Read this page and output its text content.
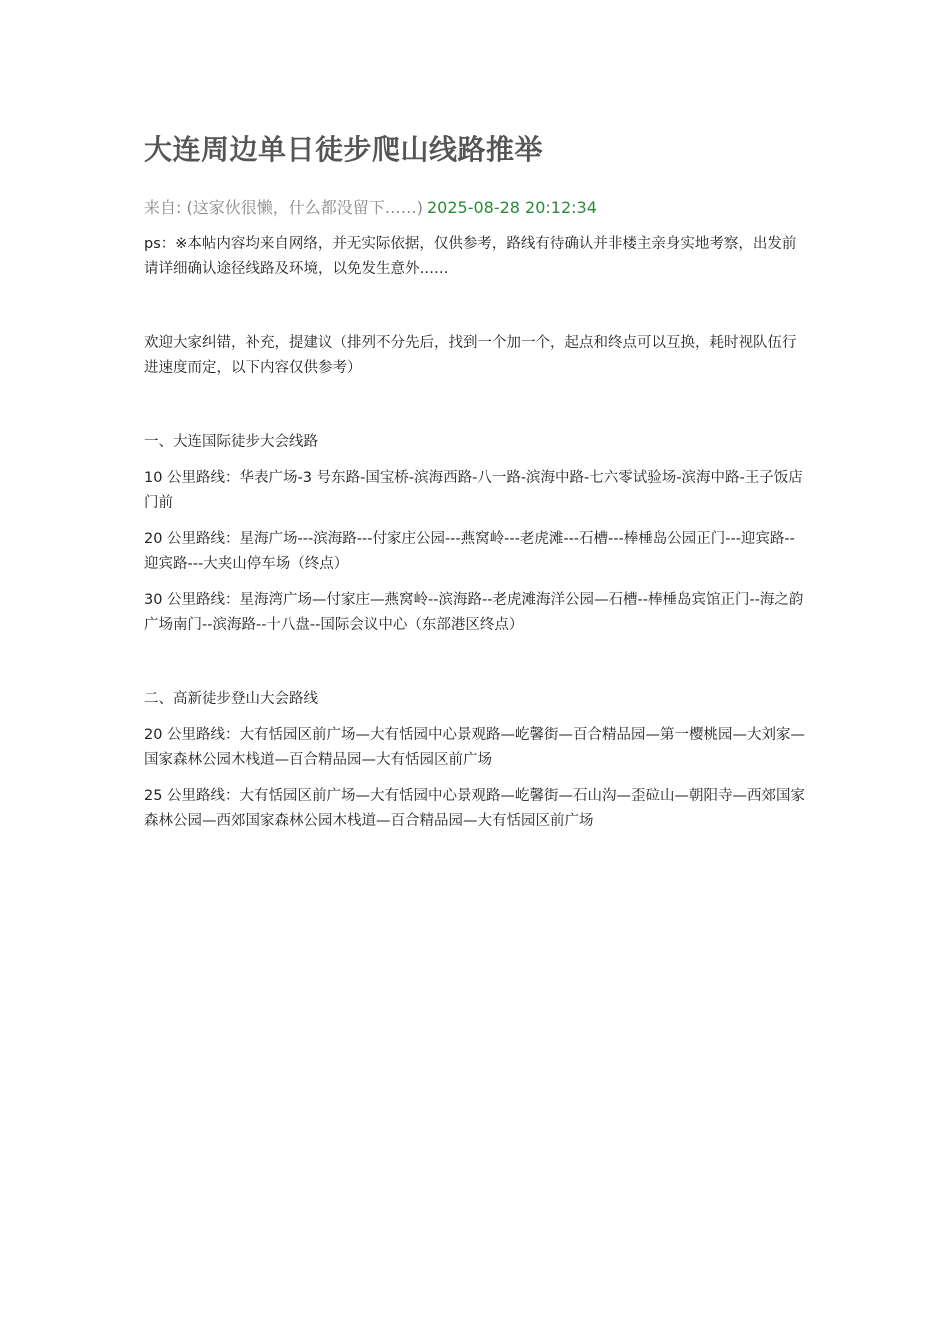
大连周边单日徒步爬山线路推举
来自: (这家伙很懒，什么都没留下……) 2025-08-28 20:12:34

ps：※本帖内容均来自网络，并无实际依据，仅供参考，路线有待确认并非楼主亲身实地考察，出发前请详细确认途径线路及环境，以免发生意外……

欢迎大家纠错，补充，提建议（排列不分先后，找到一个加一个，起点和终点可以互换，耗时视队伍行进速度而定，以下内容仅供参考）

一、大连国际徒步大会线路

10 公里路线：华表广场-3 号东路-国宝桥-滨海西路-八一路-滨海中路-七六零试验场-滨海中路-王子饭店门前

20 公里路线：星海广场---滨海路---付家庄公园---燕窝岭---老虎滩---石槽---棒棰岛公园正门---迎宾路--迎宾路---大夹山停车场（终点）

30 公里路线：星海湾广场—付家庄—燕窝岭--滨海路--老虎滩海洋公园—石槽--棒棰岛宾馆正门--海之韵广场南门--滨海路--十八盘--国际会议中心（东部港区终点）

二、高新徒步登山大会路线

20 公里路线：大有恬园区前广场—大有恬园中心景观路—屹馨街—百合精品园—第一樱桃园—大刘家—国家森林公园木栈道—百合精品园—大有恬园区前广场

25 公里路线：大有恬园区前广场—大有恬园中心景观路—屹馨街—石山沟—歪砬山—朝阳寺—西郊国家森林公园—西郊国家森林公园木栈道—百合精品园—大有恬园区前广场
